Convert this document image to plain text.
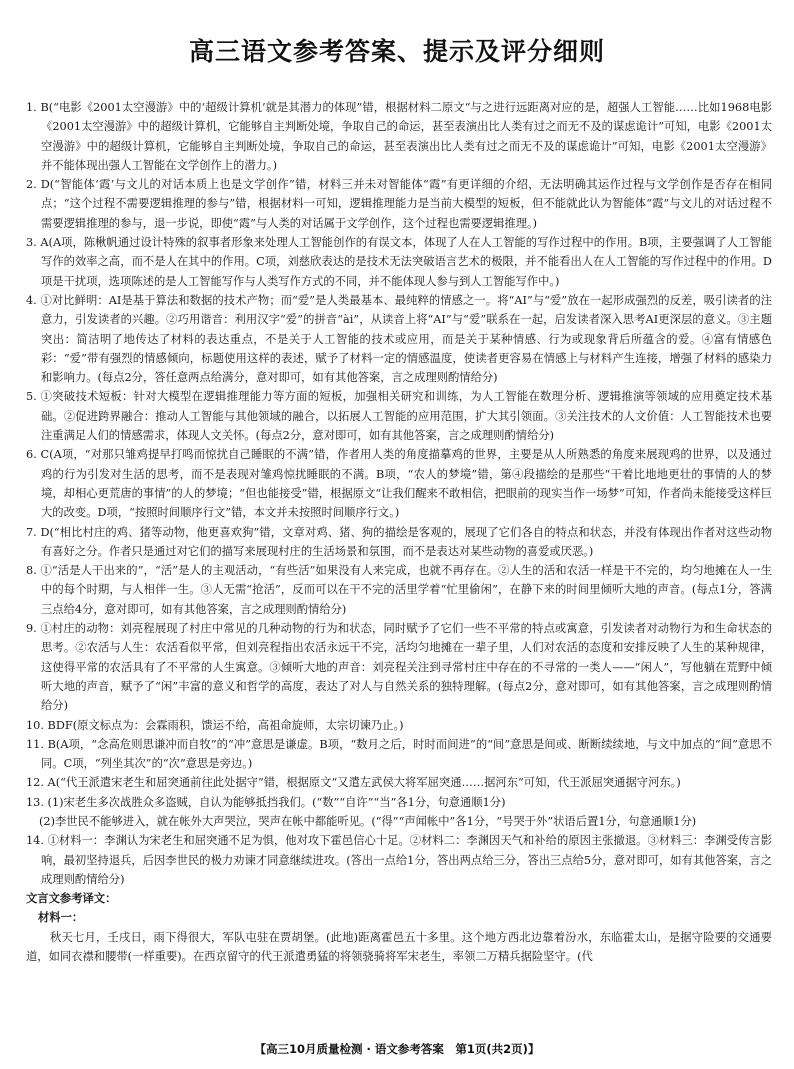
高三语文参考答案、提示及评分细则

1. B(“电影《2001太空漫游》中的‘超级计算机’就是其潜力的体现”错，根据材料二原文“与之进行远距离对应的是，超强人工智能……比如1968电影《2001太空漫游》中的超级计算机，它能够自主判断处境，争取自己的命运，甚至表演出比人类有过之而无不及的谋虑诡计”可知，电影《2001太空漫游》中的超级计算机，它能够自主判断处境，争取自己的命运，甚至表演出比人类有过之而无不及的谋虑诡计”可知，电影《2001太空漫游》并不能体现出强人工智能在文学创作上的潜力。)

2. D(“智能体‘霞’与文儿的对话本质上也是文学创作”错，材料三并未对智能体“霞”有更详细的介绍，无法明确其运作过程与文学创作是否存在相同点；“这个过程不需要逻辑推理的参与”错，根据材料一可知，逻辑推理能力是当前大模型的短板，但不能就此认为智能体“霞”与文儿的对话过程不需要逻辑推理的参与，退一步说，即使“霞”与人类的对话属于文学创作，这个过程也需要逻辑推理。)

3. A(A项，陈楸帆通过设计特殊的叙事者形象来处理人工智能创作的有误文本，体现了人在人工智能的写作过程中的作用。B项，主要强调了人工智能写作的效率之高，而不是人在其中的作用。C项，刘慈欣表达的是技术无法突破语言艺术的极限，并不能看出人在人工智能的写作过程中的作用。D项是干扰项，选项陈述的是人工智能写作与人类写作方式的不同，并不能体现人参与到人工智能写作中。)

4. ①对比鲜明：AI是基于算法和数据的技术产物；而“爱”是人类最基本、最纯粹的情感之一。将“AI”与“爱”放在一起形成强烈的反差，吸引读者的注意力，引发读者的兴趣。②巧用谐音：利用汉字“爱”的拼音“ài”，从读音上将“AI”与“爱”联系在一起，启发读者深入思考AI更深层的意义。③主题突出：简洁明了地传达了材料的表达重点，不是关于人工智能的技术或应用，而是关于某种情感、行为或现象背后所蕴含的爱。④富有情感色彩：“爱”带有强烈的情感倾向，标题使用这样的表述，赋予了材料一定的情感温度，使读者更容易在情感上与材料产生连接，增强了材料的感染力和影响力。(每点2分，答任意两点给满分，意对即可，如有其他答案，言之成理则酌情给分)

5. ①突破技术短板：针对大模型在逻辑推理能力等方面的短板，加强相关研究和训练，为人工智能在数理分析、逻辑推演等领域的应用奠定技术基础。②促进跨界融合：推动人工智能与其他领域的融合，以拓展人工智能的应用范围，扩大其引领面。③关注技术的人文价值：人工智能技术也要注重满足人们的情感需求，体现人文关怀。(每点2分，意对即可，如有其他答案，言之成理则酌情给分)

6. C(A项，“对那只雏鸡提早打鸣而惊扰自己睡眠的不满”错，作者用人类的角度描摹鸡的世界，主要是从人所熟悉的角度来展现鸡的世界，以及通过鸡的行为引发对生活的思考，而不是表现对雏鸡惊扰睡眠的不满。B项，“农人的梦境”错，第④段描绘的是那些“干着比地地更壮的事情的人的梦境，却相心更荒唐的事情”的人的梦境；“但也能接受”错，根据原文“让我们醒来不敢相信，把眼前的现实当作一场梦”可知，作者尚未能接受这样巨大的改变。D项，“按照时间顺序行文”错，本文并未按照时间顺序行文。)

7. D(“相比村庄的鸡、猪等动物，他更喜欢狗”错，文章对鸡、猪、狗的描绘是客观的，展现了它们各自的特点和状态，并没有体现出作者对这些动物有喜好之分。作者只是通过对它们的描写来展现村庄的生活场景和氛围，而不是表达对某些动物的喜爱或厌恶。)

8. ①“活是人干出来的”，“活”是人的主观活动，“有些活”如果没有人来完成，也就不再存在。②人生的活和农活一样是干不完的，均匀地摊在人一生中的每个时期，与人相伴一生。③人无需“抢活”，反而可以在干不完的活里学着“忙里偷闲”，在静下来的时间里倾听大地的声音。(每点1分，答满三点给4分，意对即可，如有其他答案，言之成理则酌情给分)

9. ①村庄的动物：刘亮程展现了村庄中常见的几种动物的行为和状态，同时赋予了它们一些不平常的特点或寓意，引发读者对动物行为和生命状态的思考。②农活与人生：农活看似平常，但刘亮程指出农活永远干不完，活均匀地摊在一辈子里，人们对农活的态度和安排反映了人生的某种规律，这使得平常的农活具有了不平常的人生寓意。③倾听大地的声音：刘亮程关注到寻常村庄中存在的不寻常的一类人——“闲人”，写他躺在荒野中倾听大地的声音，赋予了“闲”丰富的意义和哲学的高度，表达了对人与自然关系的独特理解。(每点2分，意对即可，如有其他答案，言之成理则酌情给分)

10. BDF(原文标点为：会霖雨积，馈运不给，高祖命旋师，太宗切谏乃止。)

11. B(A项，“念高危则思谦冲而自牧”的“冲”意思是谦虚。B项，“数月之后，时时而间进”的“间”意思是间或、断断续续地，与文中加点的“间”意思不同。C项，“列坐其次”的“次”意思是旁边。)

12. A(“代王派遣宋老生和屈突通前往此处据守”错，根据原文“又遣左武侯大将军屈突通……据河东”可知，代王派屈突通据守河东。)

13. (1)宋老生多次战胜众多盗贼，自认为能够抵挡我们。(“数”“自许”“当”各1分，句意通顺1分)

(2)李世民不能够进入，就在帐外大声哭泣，哭声在帐中都能听见。(“得”“声闻帐中”各1分，“号哭于外”状语后置1分，句意通顺1分)

14. ①材料一：李渊认为宋老生和屈突通不足为惧，他对攻下霍邑信心十足。②材料二：李渊因天气和补给的原因主张撤退。③材料三：李渊受传言影响，最初坚持退兵，后因李世民的极力劝谏才同意继续进攻。(答出一点给1分，答出两点给三分，答出三点给5分，意对即可，如有其他答案，言之成理则酌情给分)

文言文参考译文：

材料一：

秋天七月，壬戌日，雨下得很大，军队屯驻在贾胡堡。(此地)距离霍邑五十多里。这个地方西北边靠着汾水，东临霍太山，是据守险要的交通要道，如同衣襟和腰带(一样重要)。在西京留守的代王派遣勇猛的将领骁骑将军宋老生，率领二万精兵据险坚守。(代

【高三10月质量检测 · 语文参考答案　第1页(共2页)】
